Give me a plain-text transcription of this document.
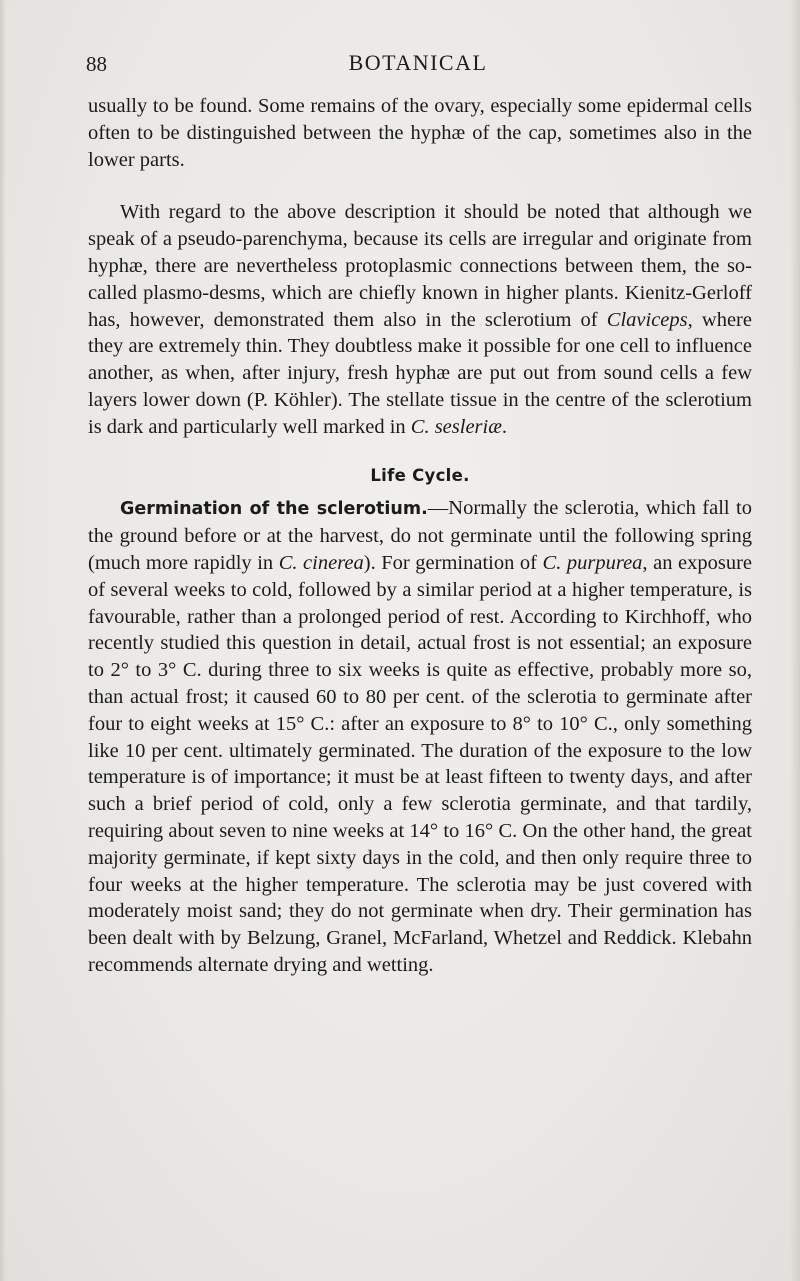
88	BOTANICAL

usually to be found. Some remains of the ovary, especially some epidermal cells often to be distinguished between the hyphæ of the cap, sometimes also in the lower parts.

With regard to the above description it should be noted that although we speak of a pseudo-parenchyma, because its cells are irregular and originate from hyphæ, there are nevertheless protoplasmic connections between them, the so-called plasmo-desms, which are chiefly known in higher plants. Kienitz-Gerloff has, however, demonstrated them also in the sclerotium of Claviceps, where they are extremely thin. They doubtless make it possible for one cell to influence another, as when, after injury, fresh hyphæ are put out from sound cells a few layers lower down (P. Köhler). The stellate tissue in the centre of the sclerotium is dark and particularly well marked in C. sesleriæ.

Life Cycle.

Germination of the sclerotium.—Normally the sclerotia, which fall to the ground before or at the harvest, do not germinate until the following spring (much more rapidly in C. cinerea). For germination of C. purpurea, an exposure of several weeks to cold, followed by a similar period at a higher temperature, is favourable, rather than a prolonged period of rest. According to Kirchhoff, who recently studied this question in detail, actual frost is not essential; an exposure to 2° to 3° C. during three to six weeks is quite as effective, probably more so, than actual frost; it caused 60 to 80 per cent. of the sclerotia to germinate after four to eight weeks at 15° C.: after an exposure to 8° to 10° C., only something like 10 per cent. ultimately germinated. The duration of the exposure to the low temperature is of importance; it must be at least fifteen to twenty days, and after such a brief period of cold, only a few sclerotia germinate, and that tardily, requiring about seven to nine weeks at 14° to 16° C. On the other hand, the great majority germinate, if kept sixty days in the cold, and then only require three to four weeks at the higher temperature. The sclerotia may be just covered with moderately moist sand; they do not germinate when dry. Their germination has been dealt with by Belzung, Granel, McFarland, Whetzel and Reddick. Klebahn recommends alternate drying and wetting.
